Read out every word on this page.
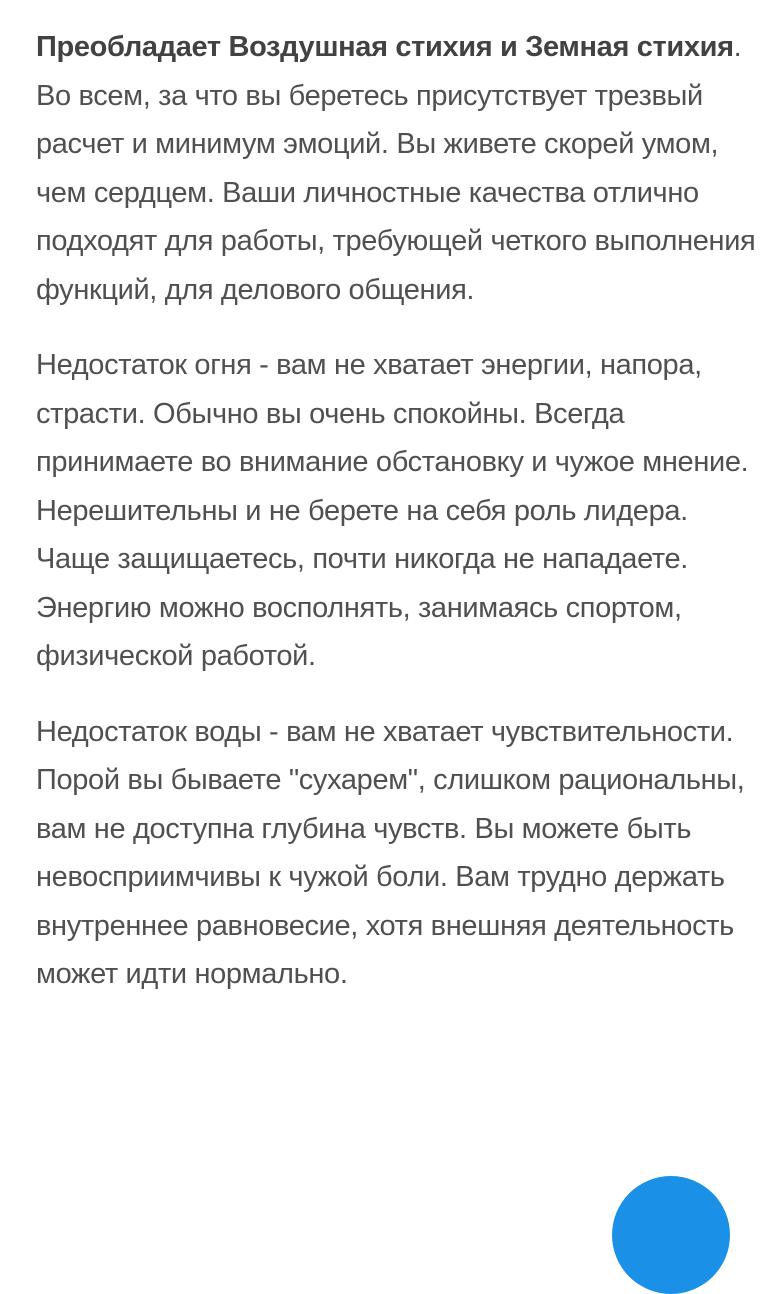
Преобладает Воздушная стихия и Земная стихия. Во всем, за что вы беретесь присутствует трезвый расчет и минимум эмоций. Вы живете скорей умом, чем сердцем. Ваши личностные качества отлично подходят для работы, требующей четкого выполнения функций, для делового общения.

Недостаток огня - вам не хватает энергии, напора, страсти. Обычно вы очень спокойны. Всегда принимаете во внимание обстановку и чужое мнение. Нерешительны и не берете на себя роль лидера. Чаще защищаетесь, почти никогда не нападаете. Энергию можно восполнять, занимаясь спортом, физической работой.

Недостаток воды - вам не хватает чувствительности. Порой вы бываете "сухарем", слишком рациональны, вам не доступна глубина чувств. Вы можете быть невосприимчивы к чужой боли. Вам трудно держать внутреннее равновесие, хотя внешняя деятельность может идти нормально.
